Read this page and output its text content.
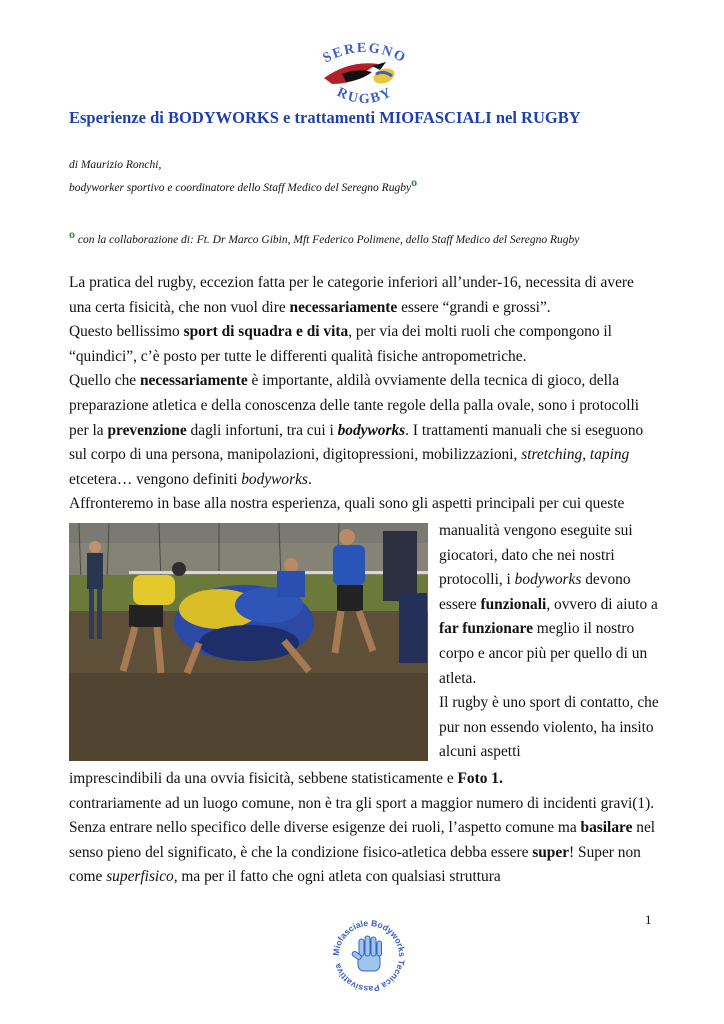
SEREGNO
RUGBY
Esperienze di BODYWORKS e trattamenti MIOFASCIALI nel RUGBY
di Maurizio Ronchi,
bodyworker sportivo e coordinatore dello Staff Medico del Seregno Rugby$^o$
$^o$ con la collaborazione di: Ft. Dr Marco Gibin, Mft Federico Polimene, dello Staff Medico del Seregno Rugby

La pratica del rugby, eccezion fatta per le categorie inferiori all’under-16, necessita di avere una certa fisicità, che non vuol dire necessariamente essere “grandi e grossi”.

Questo bellissimo sport di squadra e di vita, per via dei molti ruoli che compongono il “quindici”, c’è posto per tutte le differenti qualità fisiche antropometriche.

Quello che necessariamente è importante, aldilà ovviamente della tecnica di gioco, della preparazione atletica e della conoscenza delle tante regole della palla ovale, sono i protocolli per la prevenzione dagli infortuni, tra cui i bodyworks. I trattamenti manuali che si eseguono sul corpo di una persona, manipolazioni, digitopressioni, mobilizzazioni, stretching, taping etcetera… vengono definiti bodyworks.

Affronteremo in base alla nostra esperienza, quali sono gli aspetti principali per cui queste

manualità vengono eseguite sui giocatori, dato che nei nostri protocolli, i bodyworks devono essere funzionali, ovvero di aiuto a far funzionare meglio il nostro corpo e ancor più per quello di un atleta.

Il rugby è uno sport di contatto, che pur non essendo violento, ha insito alcuni aspetti

imprescindibili da una ovvia fisicità, sebbene statisticamente e Foto 1.

contrariamente ad un luogo comune, non è tra gli sport a maggior numero di incidenti gravi(1).

Senza entrare nello specifico delle diverse esigenze dei ruoli, l’aspetto comune ma basilare nel senso pieno del significato, è che la condizione fisico-atletica debba essere super! Super non come superfisico, ma per il fatto che ogni atleta con qualsiasi struttura

1
Miofasciale Bodyworks Tecnica Passivattiva
